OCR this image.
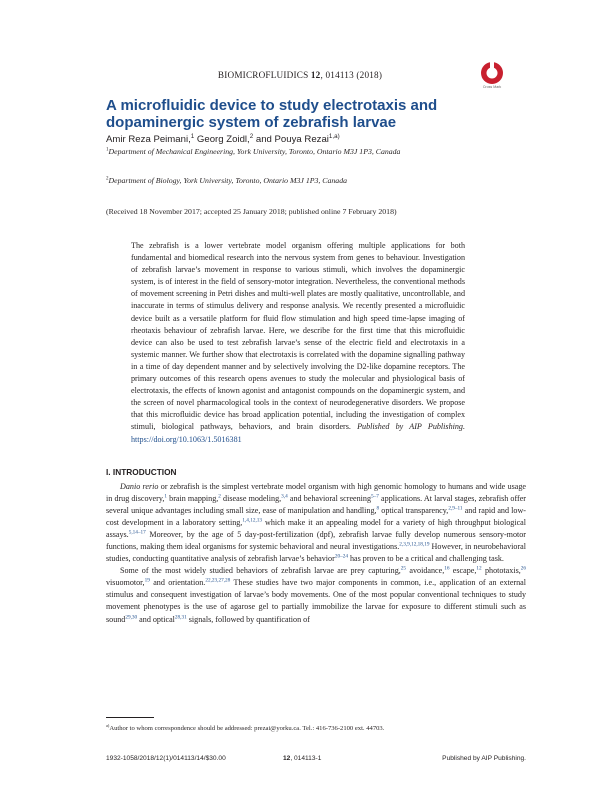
BIOMICROFLUIDICS 12, 014113 (2018)
Cross Mark
A microfluidic device to study electrotaxis and dopaminergic system of zebrafish larvae
Amir Reza Peimani,$^1$ Georg Zoidl,$^2$ and Pouya Rezai$^{1,a)}$
$^1$Department of Mechanical Engineering, York University, Toronto, Ontario M3J 1P3, Canada
$^2$Department of Biology, York University, Toronto, Ontario M3J 1P3, Canada
(Received 18 November 2017; accepted 25 January 2018; published online 7 February 2018)
The zebrafish is a lower vertebrate model organism offering multiple applications for both fundamental and biomedical research into the nervous system from genes to behaviour. Investigation of zebrafish larvae’s movement in response to various stimuli, which involves the dopaminergic system, is of interest in the field of sensory-motor integration. Nevertheless, the conventional methods of movement screening in Petri dishes and multi-well plates are mostly qualitative, uncontrollable, and inaccurate in terms of stimulus delivery and response analysis. We recently presented a microfluidic device built as a versatile platform for fluid flow stimulation and high speed time-lapse imaging of rheotaxis behaviour of zebrafish larvae. Here, we describe for the first time that this microfluidic device can also be used to test zebrafish larvae’s sense of the electric field and electrotaxis in a systemic manner. We further show that electrotaxis is correlated with the dopamine signalling pathway in a time of day dependent manner and by selectively involving the D2-like dopamine receptors. The primary outcomes of this research opens avenues to study the molecular and physiological basis of electrotaxis, the effects of known agonist and antagonist compounds on the dopaminergic system, and the screen of novel pharmacological tools in the context of neurodegenerative disorders. We propose that this microfluidic device has broad application potential, including the investigation of complex stimuli, biological pathways, behaviors, and brain disorders. Published by AIP Publishing. https://doi.org/10.1063/1.5016381
I. INTRODUCTION

Danio rerio or zebrafish is the simplest vertebrate model organism with high genomic homology to humans and wide usage in drug discovery,$^1$ brain mapping,$^2$ disease modeling,$^{3,4}$ and behavioral screening$^{5-7}$ applications. At larval stages, zebrafish offer several unique advantages including small size, ease of manipulation and handling,$^8$ optical transparency,$^{2,9-11}$ and rapid and low-cost development in a laboratory setting,$^{1,4,12,13}$ which make it an appealing model for a variety of high throughput biological assays.$^{5,14-17}$ Moreover, by the age of 5 day-post-fertilization (dpf), zebrafish larvae fully develop numerous sensory-motor functions, making them ideal organisms for systemic behavioral and neural investigations.$^{2,3,9,12,18,19}$ However, in neurobehavioral studies, conducting quantitative analysis of zebrafish larvae’s behavior$^{20-24}$ has proven to be a critical and challenging task.

Some of the most widely studied behaviors of zebrafish larvae are prey capturing,$^{25}$ avoidance,$^{16}$ escape,$^{12}$ phototaxis,$^{26}$ visuomotor,$^{19}$ and orientation.$^{22,23,27,28}$ These studies have two major components in common, i.e., application of an external stimulus and consequent investigation of larvae’s body movements. One of the most popular conventional techniques to study movement phenotypes is the use of agarose gel to partially immobilize the larvae for exposure to different stimuli such as sound$^{29,30}$ and optical$^{28,31}$ signals, followed by quantification of

$^{a)}$Author to whom correspondence should be addressed: prezai@yorku.ca. Tel.: 416-736-2100 ext. 44703.
1932-1058/2018/12(1)/014113/14/$30.00	12, 014113-1	Published by AIP Publishing.
